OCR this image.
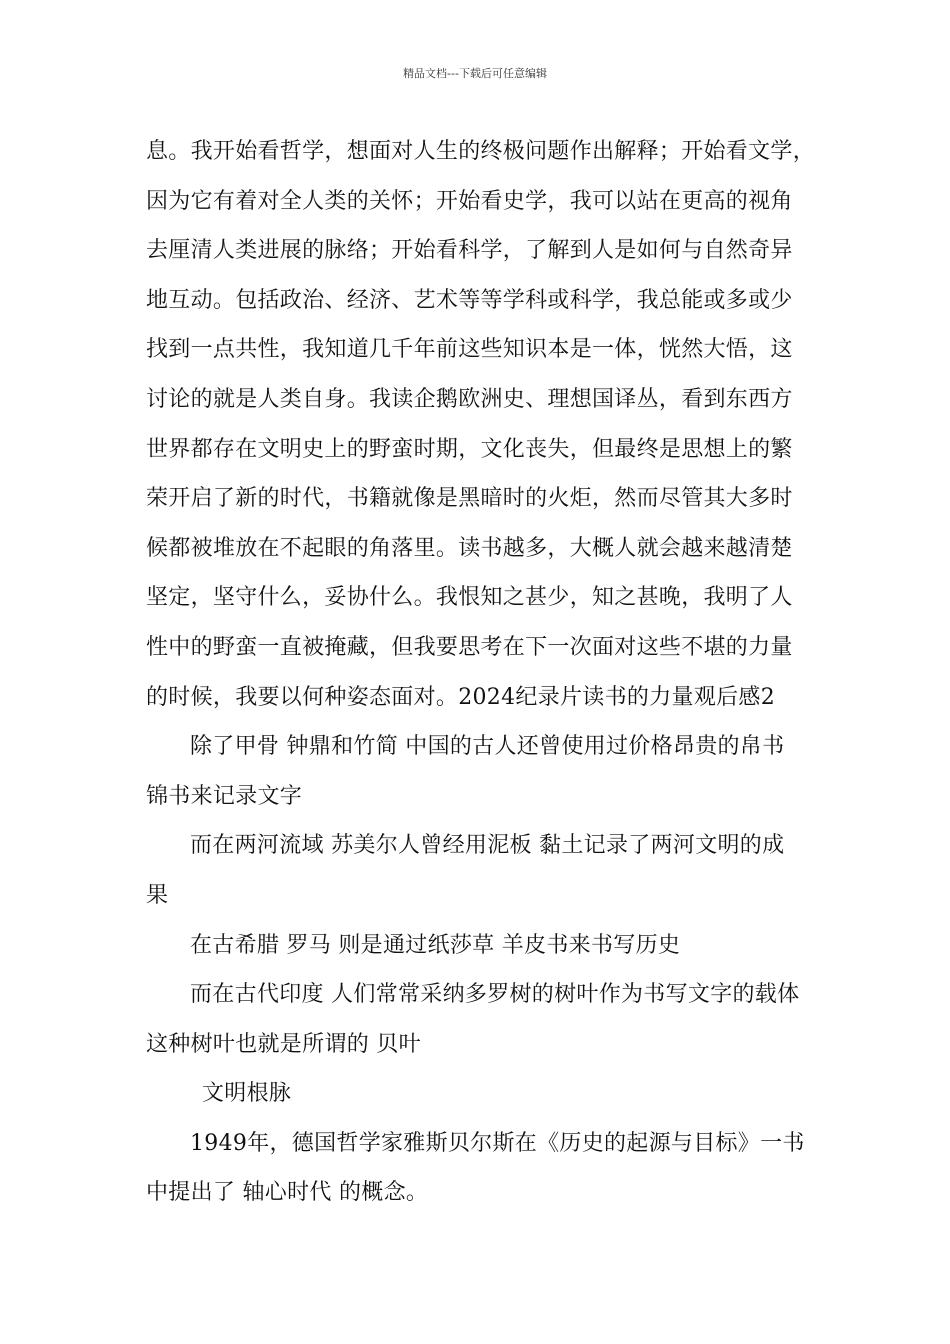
精品文档---下载后可任意编辑
息。我开始看哲学，想面对人生的终极问题作出解释；开始看文学，
因为它有着对全人类的关怀；开始看史学，我可以站在更高的视角
去厘清人类进展的脉络；开始看科学，了解到人是如何与自然奇异
地互动。包括政治、经济、艺术等等学科或科学，我总能或多或少
找到一点共性，我知道几千年前这些知识本是一体，恍然大悟，这
讨论的就是人类自身。我读企鹅欧洲史、理想国译丛，看到东西方
世界都存在文明史上的野蛮时期，文化丧失，但最终是思想上的繁
荣开启了新的时代，书籍就像是黑暗时的火炬，然而尽管其大多时
候都被堆放在不起眼的角落里。读书越多，大概人就会越来越清楚
坚定，坚守什么，妥协什么。我恨知之甚少，知之甚晚，我明了人
性中的野蛮一直被掩藏，但我要思考在下一次面对这些不堪的力量
的时候，我要以何种姿态面对。2024纪录片读书的力量观后感2
除了甲骨 钟鼎和竹简 中国的古人还曾使用过价格昂贵的帛书
锦书来记录文字
而在两河流域 苏美尔人曾经用泥板 黏土记录了两河文明的成
果
在古希腊 罗马 则是通过纸莎草 羊皮书来书写历史
而在古代印度 人们常常采纳多罗树的树叶作为书写文字的载体
这种树叶也就是所谓的 贝叶
文明根脉
1949年，德国哲学家雅斯贝尔斯在《历史的起源与目标》一书
中提出了 轴心时代 的概念。
